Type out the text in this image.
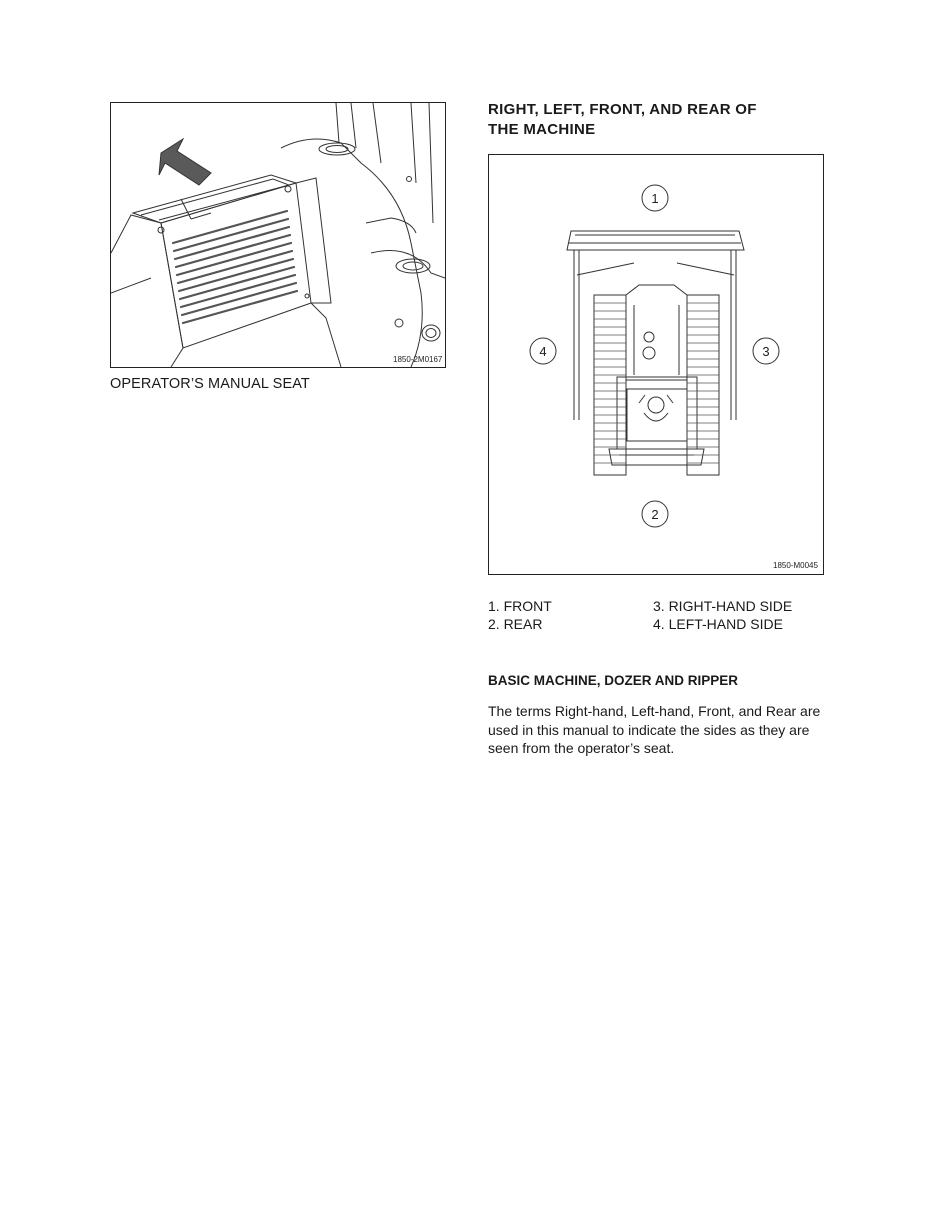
1850-2M0167
OPERATOR’S MANUAL SEAT
RIGHT, LEFT, FRONT, AND REAR OF
THE MACHINE
1
2
3
4
1850-M0045
1. FRONT
2. REAR
3. RIGHT-HAND SIDE
4. LEFT-HAND SIDE
BASIC MACHINE, DOZER AND RIPPER
The terms Right-hand, Left-hand, Front, and Rear are
used in this manual to indicate the sides as they are
seen from the operator’s seat.
